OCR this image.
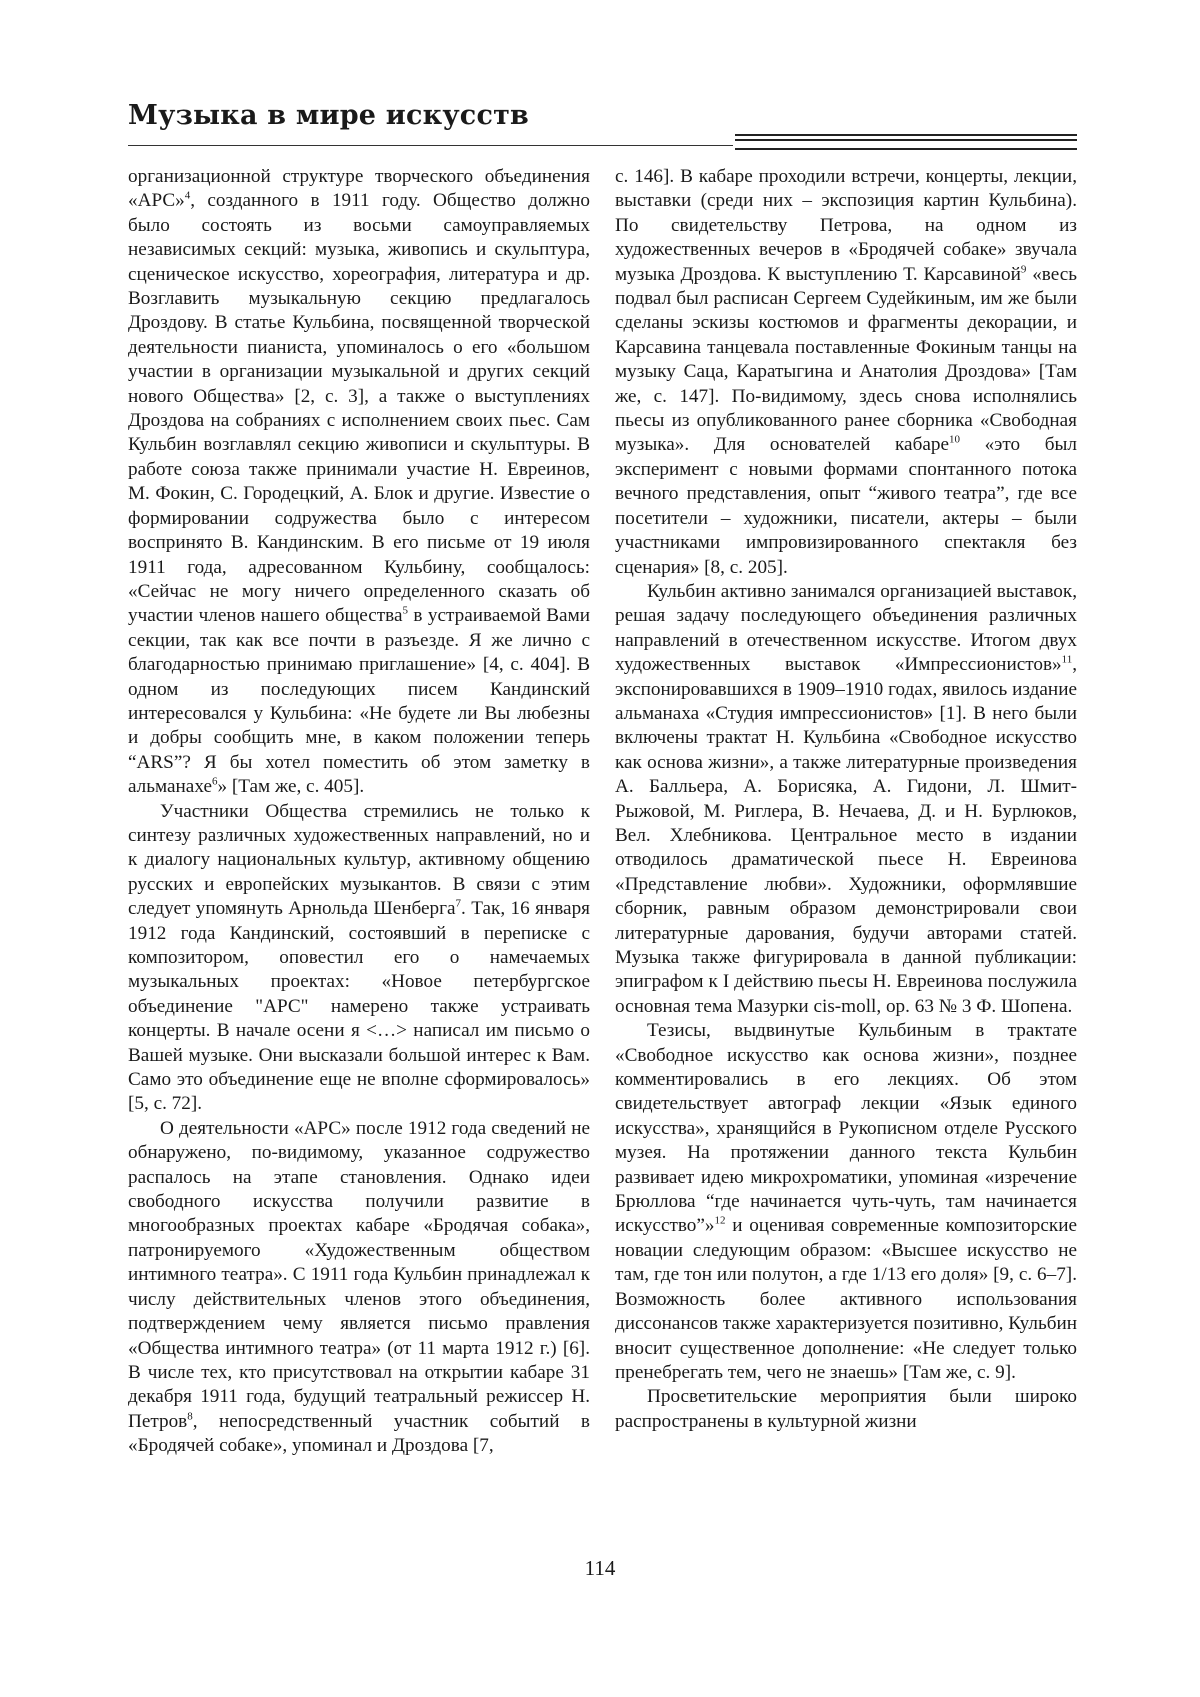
Музыка в мире искусств

организационной структуре творческого объединения «АРС»$^4$, созданного в 1911 году. Общество должно было состоять из восьми самоуправляемых независимых секций: музыка, живопись и скульптура, сценическое искусство, хореография, литература и др. Возглавить музыкальную секцию предлагалось Дроздову. В статье Кульбина, посвященной творческой деятельности пианиста, упоминалось о его «большом участии в организации музыкальной и других секций нового Общества» [2, с. 3], а также о выступлениях Дроздова на собраниях с исполнением своих пьес. Сам Кульбин возглавлял секцию живописи и скульптуры. В работе союза также принимали участие Н. Евреинов, М. Фокин, С. Городецкий, А. Блок и другие. Известие о формировании содружества было с интересом воспринято В. Кандинским. В его письме от 19 июля 1911 года, адресованном Кульбину, сообщалось: «Сейчас не могу ничего определенного сказать об участии членов нашего общества$^5$ в устраиваемой Вами секции, так как все почти в разъезде. Я же лично с благодарностью принимаю приглашение» [4, с. 404]. В одном из последующих писем Кандинский интересовался у Кульбина: «Не будете ли Вы любезны и добры сообщить мне, в каком положении теперь “ARS”? Я бы хотел поместить об этом заметку в альманахе$^6$» [Там же, с. 405].

Участники Общества стремились не только к синтезу различных художественных направлений, но и к диалогу национальных культур, активному общению русских и европейских музыкантов. В связи с этим следует упомянуть Арнольда Шенберга$^7$. Так, 16 января 1912 года Кандинский, состоявший в переписке с композитором, оповестил его о намечаемых музыкальных проектах: «Новое петербургское объединение "АРС" намерено также устраивать концерты. В начале осени я <…> написал им письмо о Вашей музыке. Они высказали большой интерес к Вам. Само это объединение еще не вполне сформировалось» [5, с. 72].

О деятельности «АРС» после 1912 года сведений не обнаружено, по-видимому, указанное содружество распалось на этапе становления. Однако идеи свободного искусства получили развитие в многообразных проектах кабаре «Бродячая собака», патронируемого «Художественным обществом интимного театра». С 1911 года Кульбин принадлежал к числу действительных членов этого объединения, подтверждением чему является письмо правления «Общества интимного театра» (от 11 марта 1912 г.) [6]. В числе тех, кто присутствовал на открытии кабаре 31 декабря 1911 года, будущий театральный режиссер Н. Петров$^8$, непосредственный участник событий в «Бродячей собаке», упоминал и Дроздова [7,

с. 146]. В кабаре проходили встречи, концерты, лекции, выставки (среди них – экспозиция картин Кульбина). По свидетельству Петрова, на одном из художественных вечеров в «Бродячей собаке» звучала музыка Дроздова. К выступлению Т. Карсавиной$^9$ «весь подвал был расписан Сергеем Судейкиным, им же были сделаны эскизы костюмов и фрагменты декорации, и Карсавина танцевала поставленные Фокиным танцы на музыку Саца, Каратыгина и Анатолия Дроздова» [Там же, с. 147]. По-видимому, здесь снова исполнялись пьесы из опубликованного ранее сборника «Свободная музыка». Для основателей кабаре$^{10}$ «это был эксперимент с новыми формами спонтанного потока вечного представления, опыт “живого театра”, где все посетители – художники, писатели, актеры – были участниками импровизированного спектакля без сценария» [8, с. 205].

Кульбин активно занимался организацией выставок, решая задачу последующего объединения различных направлений в отечественном искусстве. Итогом двух художественных выставок «Импрессионистов»$^{11}$, экспонировавшихся в 1909–1910 годах, явилось издание альманаха «Студия импрессионистов» [1]. В него были включены трактат Н. Кульбина «Свободное искусство как основа жизни», а также литературные произведения А. Балльера, А. Борисяка, А. Гидони, Л. Шмит-Рыжовой, М. Риглера, В. Нечаева, Д. и Н. Бурлюков, Вел. Хлебникова. Центральное место в издании отводилось драматической пьесе Н. Евреинова «Представление любви». Художники, оформлявшие сборник, равным образом демонстрировали свои литературные дарования, будучи авторами статей. Музыка также фигурировала в данной публикации: эпиграфом к I действию пьесы Н. Евреинова послужила основная тема Мазурки cis-moll, op. 63 № 3 Ф. Шопена.

Тезисы, выдвинутые Кульбиным в трактате «Свободное искусство как основа жизни», позднее комментировались в его лекциях. Об этом свидетельствует автограф лекции «Язык единого искусства», хранящийся в Рукописном отделе Русского музея. На протяжении данного текста Кульбин развивает идею микрохроматики, упоминая «изречение Брюллова “где начинается чуть-чуть, там начинается искусство”»$^{12}$ и оценивая современные композиторские новации следующим образом: «Высшее искусство не там, где тон или полутон, а где 1/13 его доля» [9, с. 6–7]. Возможность более активного использования диссонансов также характеризуется позитивно, Кульбин вносит существенное дополнение: «Не следует только пренебрегать тем, чего не знаешь» [Там же, с. 9].

Просветительские мероприятия были широко распространены в культурной жизни

114
